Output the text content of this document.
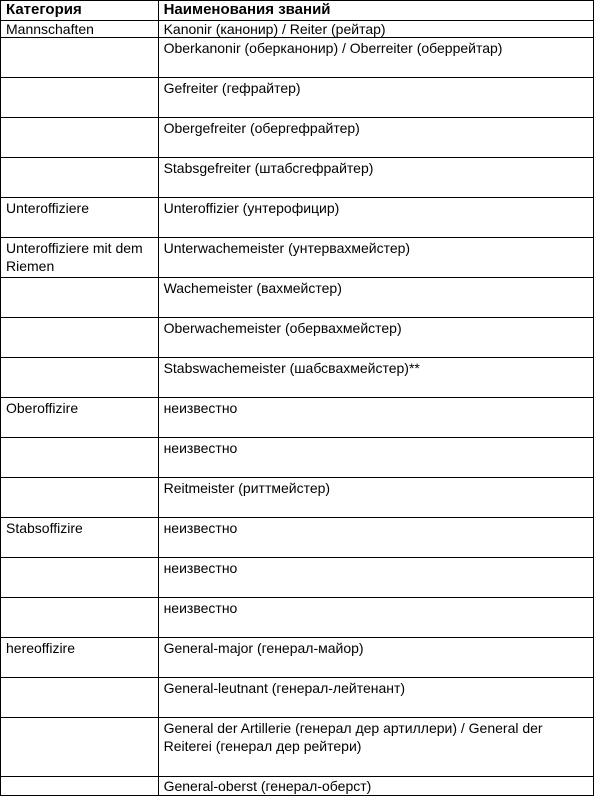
Категория	Наименования званий
Mannschaften	Kanonir (канонир) / Reiter (рейтар)
	Oberkanonir (оберканонир) / Oberreiter (оберрейтар)
	Gefreiter (гефрайтер)
	Obergefreiter (обергефрайтер)
	Stabsgefreiter (штабсгефрайтер)
Unteroffiziere	Unteroffizier (унтерофицир)
Unteroffiziere mit dem Riemen	Unterwachemeister (унтервахмейстер)
	Wachemeister (вахмейстер)
	Oberwachemeister (обервахмейстер)
	Stabswachemeister (шабсвахмейстер)**
Oberoffizire	неизвестно
	неизвестно
	Reitmeister (риттмейстер)
Stabsoffizire	неизвестно
	неизвестно
	неизвестно
hereoffizire	General-major (генерал-майор)
	General-leutnant (генерал-лейтенант)
	General der Artillerie (генерал дер артиллери) / General der Reiterei (генерал дер рейтери)
	General-oberst (генерал-оберст)
